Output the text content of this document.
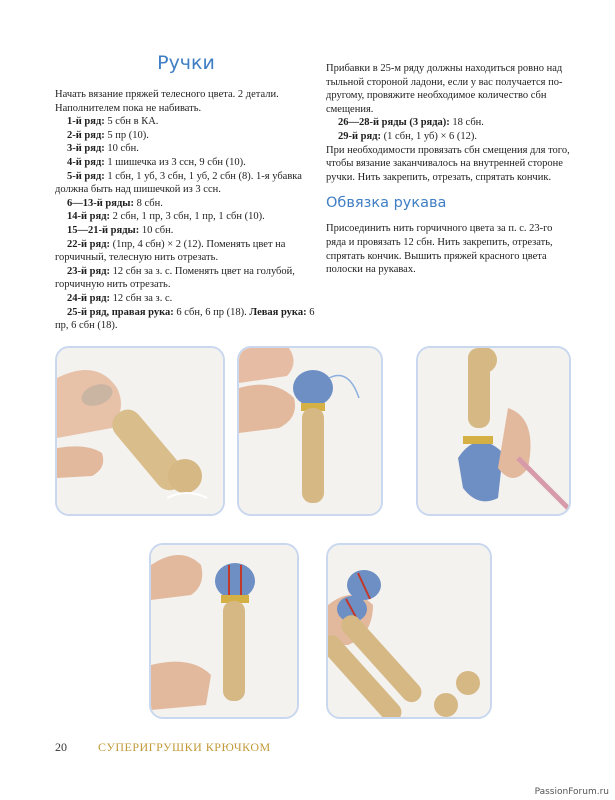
Ручки

Начать вязание пряжей телесного цвета. 2 детали. Наполнителем пока не набивать.

1-й ряд: 5 сбн в КА.

2-й ряд: 5 пр (10).

3-й ряд: 10 сбн.

4-й ряд: 1 шишечка из 3 ссн, 9 сбн (10).

5-й ряд: 1 сбн, 1 уб, 3 сбн, 1 уб, 2 сбн (8). 1-я убавка должна быть над шишечкой из 3 ссн.

6—13-й ряды: 8 сбн.

14-й ряд: 2 сбн, 1 пр, 3 сбн, 1 пр, 1 сбн (10).

15—21-й ряды: 10 сбн.

22-й ряд: (1пр, 4 сбн) × 2 (12). Поменять цвет на горчичный, телесную нить отрезать.

23-й ряд: 12 сбн за з. с. Поменять цвет на голубой, горчичную нить отрезать.

24-й ряд: 12 сбн за з. с.

25-й ряд, правая рука: 6 сбн, 6 пр (18). Левая рука: 6 пр, 6 сбн (18).

Прибавки в 25-м ряду должны находиться ровно над тыльной стороной ладони, если у вас получается по-другому, провяжите необходимое количество сбн смещения.

26—28-й ряды (3 ряда): 18 сбн.

29-й ряд: (1 сбн, 1 уб) × 6 (12).

При необходимости провязать сбн смещения для того, чтобы вязание заканчивалось на внутренней стороне ручки. Нить закрепить, отрезать, спрятать кончик.

Обвязка рукава

Присоединить нить горчичного цвета за п. с. 23-го ряда и провязать 12 сбн. Нить закрепить, отрезать, спрятать кончик. Вышить пряжей красного цвета полоски на рукавах.

20	СУПЕРИГРУШКИ КРЮЧКОМ
PassionForum.ru
